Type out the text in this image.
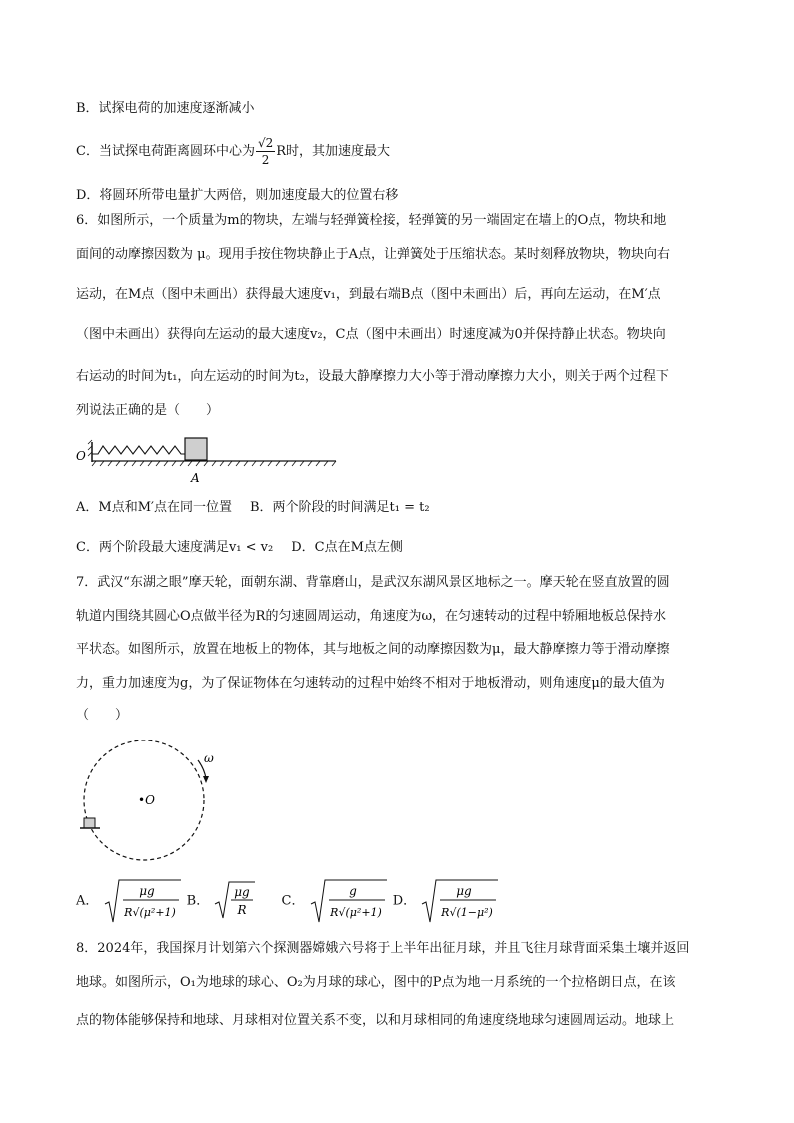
B．试探电荷的加速度逐渐减小
C．当试探电荷距离圆环中心为 $\frac{√2}{2}$ R时，其加速度最大
D．将圆环所带电量扩大两倍，则加速度最大的位置右移
6．如图所示，一个质量为m的物块，左端与轻弹簧栓接，轻弹簧的另一端固定在墙上的O点，物块和地
面间的动摩擦因数为 μ。现用手按住物块静止于A点，让弹簧处于压缩状态。某时刻释放物块，物块向右
运动，在M点（图中未画出）获得最大速度v₁，到最右端B点（图中未画出）后，再向左运动，在M′点
（图中未画出）获得向左运动的最大速度v₂，C点（图中未画出）时速度减为0并保持静止状态。物块向
右运动的时间为t₁，向左运动的时间为t₂，设最大静摩擦力大小等于滑动摩擦力大小，则关于两个过程下
列说法正确的是（　　）
O
A
A．M点和M′点在同一位置 B．两个阶段的时间满足t₁ = t₂
C．两个阶段最大速度满足v₁ < v₂ D．C点在M点左侧
7．武汉“东湖之眼”摩天轮，面朝东湖、背靠磨山，是武汉东湖风景区地标之一。摩天轮在竖直放置的圆
轨道内围绕其圆心O点做半径为R的匀速圆周运动，角速度为ω，在匀速转动的过程中轿厢地板总保持水
平状态。如图所示，放置在地板上的物体，其与地板之间的动摩擦因数为μ，最大静摩擦力等于滑动摩擦
力，重力加速度为g，为了保证物体在匀速转动的过程中始终不相对于地板滑动，则角速度μ的最大值为
（　　）
•O
ω
A．
μg
R√(μ²+1)
B．
μg
R
C．
g
R√(μ²+1)
D．
μg
R√(1−μ²)
8．2024年，我国探月计划第六个探测器嫦娥六号将于上半年出征月球，并且飞往月球背面采集土壤并返回
地球。如图所示，O₁为地球的球心、O₂为月球的球心，图中的P点为地一月系统的一个拉格朗日点，在该
点的物体能够保持和地球、月球相对位置关系不变，以和月球相同的角速度绕地球匀速圆周运动。地球上
